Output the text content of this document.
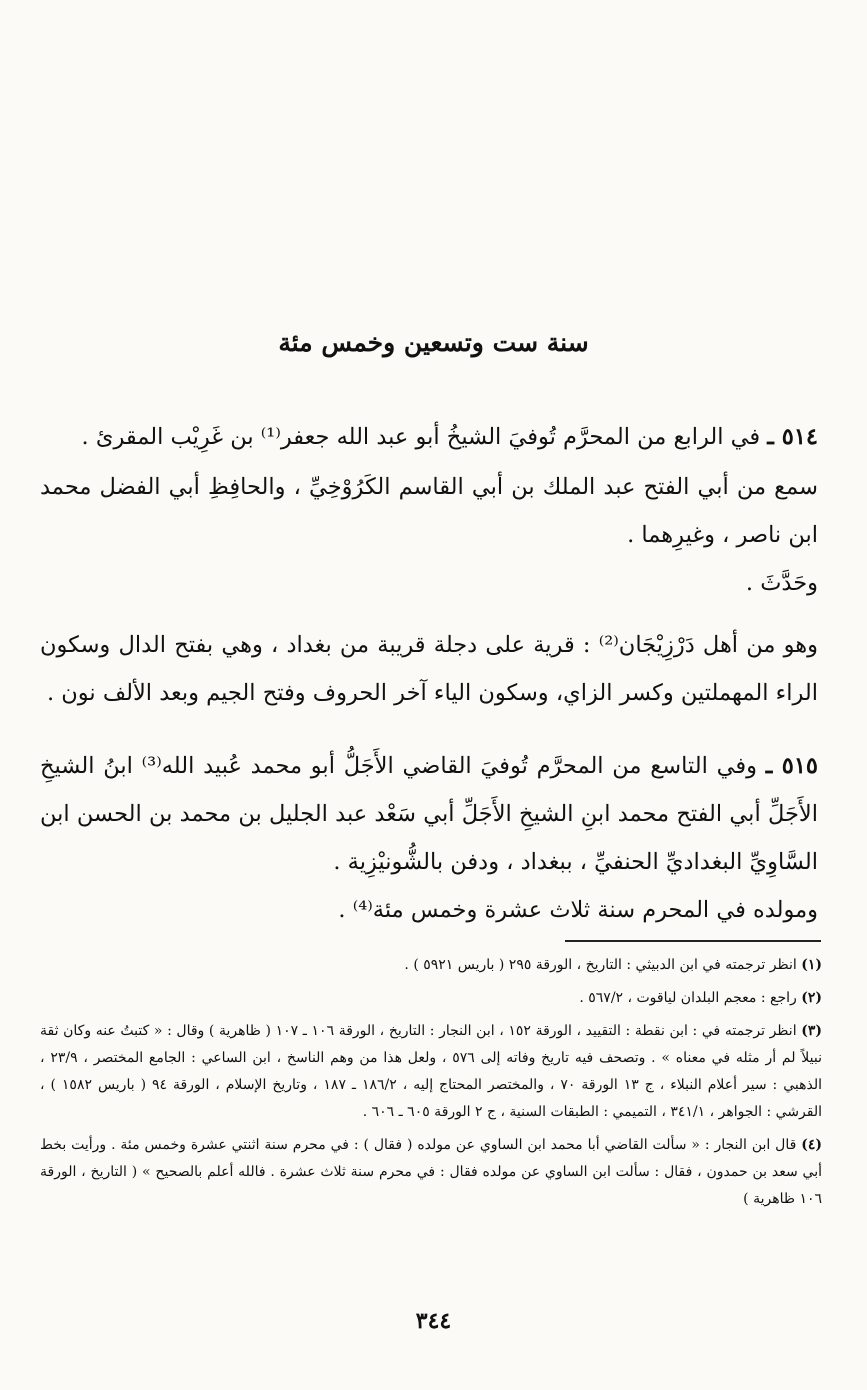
سنة ست وتسعين وخمس مئة

٥١٤ ـ في الرابع من المحرَّم تُوفيَ الشيخُ أبو عبد الله جعفر⁽¹⁾ بن غَرِيْب المقرئ .

سمع من أبي الفتح عبد الملك بن أبي القاسم الكَرُوْخِيِّ ، والحافِظِ أبي الفضل محمد ابن ناصر ، وغيرِهما .

وحَدَّثَ .

وهو من أهل دَرْزِيْجَان⁽²⁾ : قرية على دجلة قريبة من بغداد ، وهي بفتح الدال وسكون الراء المهملتين وكسر الزاي، وسكون الياء آخر الحروف وفتح الجيم وبعد الألف نون .

٥١٥ ـ وفي التاسع من المحرَّم تُوفيَ القاضي الأَجَلُّ أبو محمد عُبيد الله⁽³⁾ ابنُ الشيخِ الأَجَلِّ أبي الفتح محمد ابنِ الشيخِ الأَجَلِّ أبي سَعْد عبد الجليل بن محمد بن الحسن ابن السَّاوِيِّ البغداديِّ الحنفيِّ ، ببغداد ، ودفن بالشُّونيْزِية .

ومولده في المحرم سنة ثلاث عشرة وخمس مئة⁽⁴⁾ .

(١) انظر ترجمته في ابن الدبيثي : التاريخ ، الورقة ٢٩٥ ( باريس ٥٩٢١ ) .

(٢) راجع : معجم البلدان لياقوت ، ٥٦٧/٢ .

(٣) انظر ترجمته في : ابن نقطة : التقييد ، الورقة ١٥٢ ، ابن النجار : التاريخ ، الورقة ١٠٦ ـ ١٠٧ ( ظاهرية ) وقال : « كتبتُ عنه وكان ثقة نبيلاً لم أر مثله في معناه » . وتصحف فيه تاريخ وفاته إلى ٥٧٦ ، ولعل هذا من وهم الناسخ ، ابن الساعي : الجامع المختصر ، ٢٣/٩ ، الذهبي : سير أعلام النبلاء ، ج ١٣ الورقة ٧٠ ، والمختصر المحتاج إليه ، ١٨٦/٢ ـ ١٨٧ ، وتاريخ الإسلام ، الورقة ٩٤ ( باريس ١٥٨٢ ) ، القرشي : الجواهر ، ٣٤١/١ ، التميمي : الطبقات السنية ، ج ٢ الورقة ٦٠٥ ـ ٦٠٦ .

(٤) قال ابن النجار : « سألت القاضي أبا محمد ابن الساوي عن مولده ( فقال ) : في محرم سنة اثنتي عشرة وخمس مئة . ورأيت بخط أبي سعد بن حمدون ، فقال : سألت ابن الساوي عن مولده فقال : في محرم سنة ثلاث عشرة . فالله أعلم بالصحيح » ( التاريخ ، الورقة ١٠٦ ظاهرية )

٣٤٤
